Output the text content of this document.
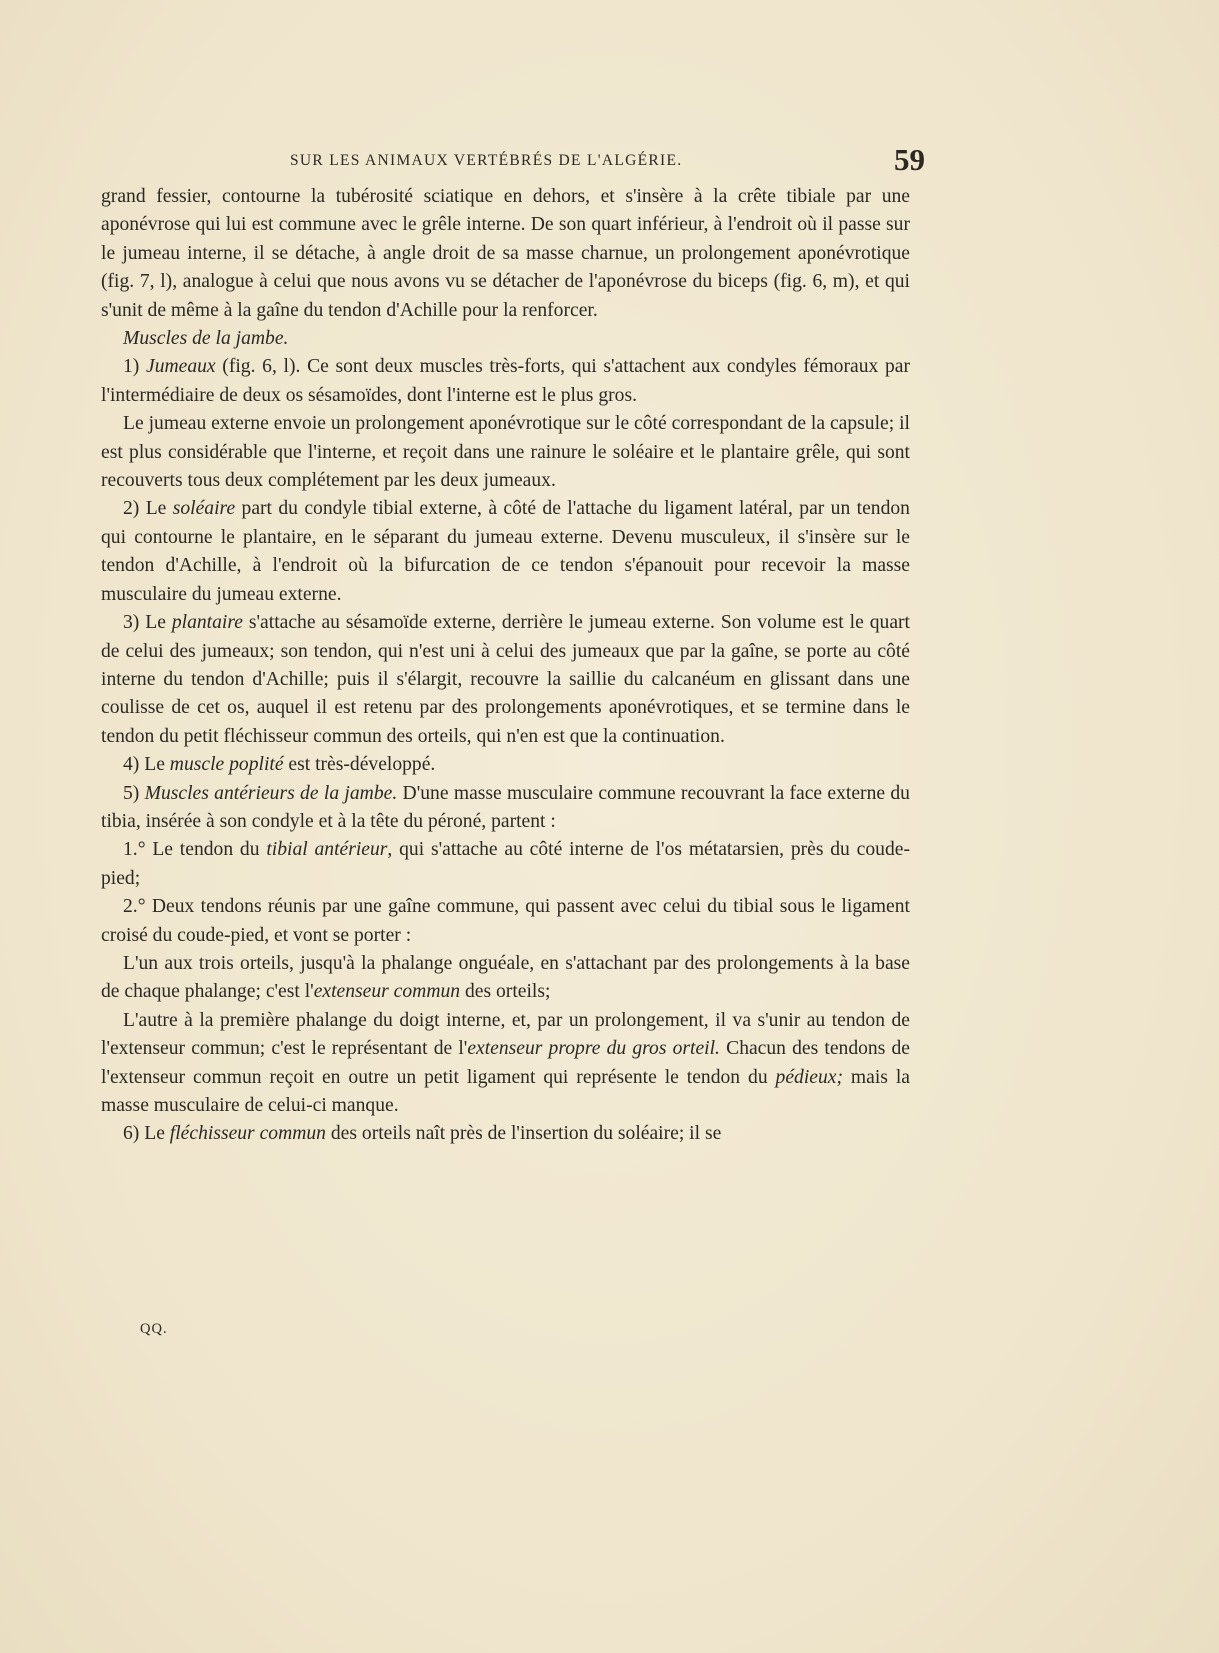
SUR LES ANIMAUX VERTÉBRÉS DE L'ALGÉRIE.	59

grand fessier, contourne la tubérosité sciatique en dehors, et s'insère à la crête tibiale par une aponévrose qui lui est commune avec le grêle interne. De son quart inférieur, à l'endroit où il passe sur le jumeau interne, il se détache, à angle droit de sa masse charnue, un prolongement aponévrotique (fig. 7, l), analogue à celui que nous avons vu se détacher de l'aponévrose du biceps (fig. 6, m), et qui s'unit de même à la gaîne du tendon d'Achille pour la renforcer.

Muscles de la jambe.

1) Jumeaux (fig. 6, l). Ce sont deux muscles très-forts, qui s'attachent aux condyles fémoraux par l'intermédiaire de deux os sésamoïdes, dont l'interne est le plus gros.

Le jumeau externe envoie un prolongement aponévrotique sur le côté correspondant de la capsule; il est plus considérable que l'interne, et reçoit dans une rainure le soléaire et le plantaire grêle, qui sont recouverts tous deux complétement par les deux jumeaux.

2) Le soléaire part du condyle tibial externe, à côté de l'attache du ligament latéral, par un tendon qui contourne le plantaire, en le séparant du jumeau externe. Devenu musculeux, il s'insère sur le tendon d'Achille, à l'endroit où la bifurcation de ce tendon s'épanouit pour recevoir la masse musculaire du jumeau externe.

3) Le plantaire s'attache au sésamoïde externe, derrière le jumeau externe. Son volume est le quart de celui des jumeaux; son tendon, qui n'est uni à celui des jumeaux que par la gaîne, se porte au côté interne du tendon d'Achille; puis il s'élargit, recouvre la saillie du calcanéum en glissant dans une coulisse de cet os, auquel il est retenu par des prolongements aponévrotiques, et se termine dans le tendon du petit fléchisseur commun des orteils, qui n'en est que la continuation.

4) Le muscle poplité est très-développé.

5) Muscles antérieurs de la jambe. D'une masse musculaire commune recouvrant la face externe du tibia, insérée à son condyle et à la tête du péroné, partent :

1.° Le tendon du tibial antérieur, qui s'attache au côté interne de l'os métatarsien, près du coude-pied;

2.° Deux tendons réunis par une gaîne commune, qui passent avec celui du tibial sous le ligament croisé du coude-pied, et vont se porter :

L'un aux trois orteils, jusqu'à la phalange onguéale, en s'attachant par des prolongements à la base de chaque phalange; c'est l'extenseur commun des orteils;

L'autre à la première phalange du doigt interne, et, par un prolongement, il va s'unir au tendon de l'extenseur commun; c'est le représentant de l'extenseur propre du gros orteil. Chacun des tendons de l'extenseur commun reçoit en outre un petit ligament qui représente le tendon du pédieux; mais la masse musculaire de celui-ci manque.

6) Le fléchisseur commun des orteils naît près de l'insertion du soléaire; il se

QQ.
